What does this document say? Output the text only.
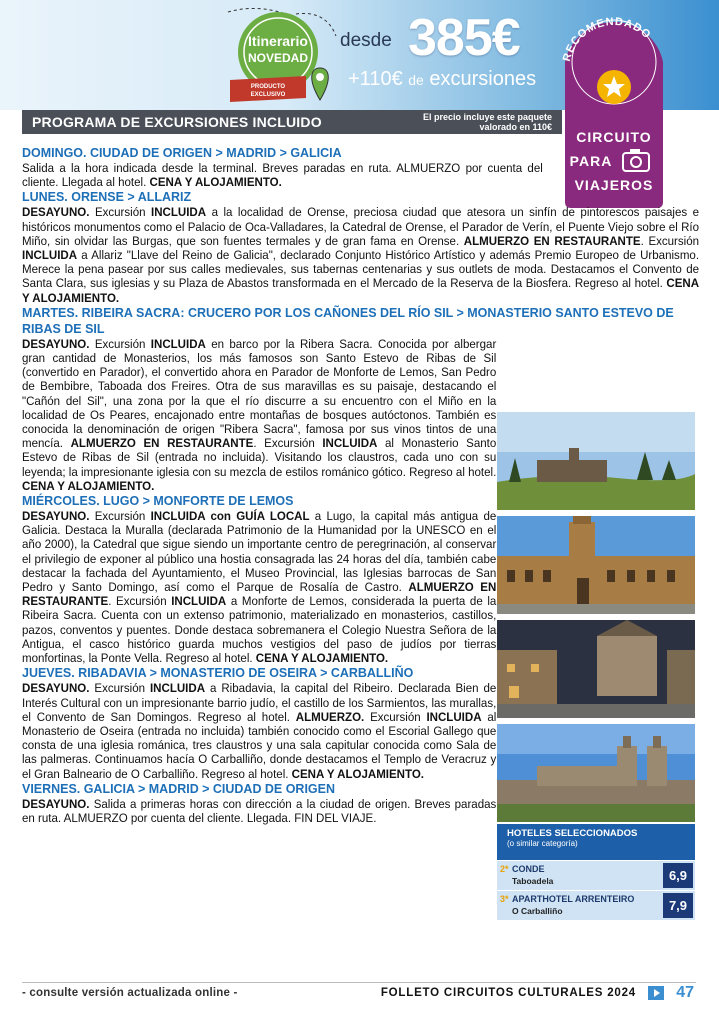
Itinerario
NOVEDAD
PRODUCTO
EXCLUSIVO
desde 385€
+110€ de excursiones
RECOMENDADO
CIRCUITO
PARA
VIAJEROS
PROGRAMA DE EXCURSIONES INCLUIDO	El precio incluye este paquete
valorado en 110€
DOMINGO. CIUDAD DE ORIGEN > MADRID > GALICIA
Salida a la hora indicada desde la terminal. Breves paradas en ruta. ALMUERZO por cuenta del cliente. Llegada al hotel. CENA Y ALOJAMIENTO.
LUNES. ORENSE > ALLARIZ
DESAYUNO. Excursión INCLUIDA a la localidad de Orense, preciosa ciudad que atesora un sinfín de pintorescos paisajes e históricos monumentos como el Palacio de Oca-Valladares, la Catedral de Orense, el Parador de Verín, el Puente Viejo sobre el Río Miño, sin olvidar las Burgas, que son fuentes termales y de gran fama en Orense. ALMUERZO EN RESTAURANTE. Excursión INCLUIDA a Allariz "Llave del Reino de Galicia", declarado Conjunto Histórico Artístico y además Premio Europeo de Urbanismo. Merece la pena pasear por sus calles medievales, sus tabernas centenarias y sus outlets de moda. Destacamos el Convento de Santa Clara, sus iglesias y su Plaza de Abastos transformada en el Mercado de la Reserva de la Biosfera. Regreso al hotel. CENA Y ALOJAMIENTO.
MARTES. RIBEIRA SACRA: CRUCERO POR LOS CAÑONES DEL RÍO SIL > MONASTERIO SANTO ESTEVO DE RIBAS DE SIL
DESAYUNO. Excursión INCLUIDA en barco por la Ribera Sacra. Conocida por albergar gran cantidad de Monasterios, los más famosos son Santo Estevo de Ribas de Sil (convertido en Parador), el convertido ahora en Parador de Monforte de Lemos, San Pedro de Bembibre, Taboada dos Freires. Otra de sus maravillas es su paisaje, destacando el "Cañón del Sil", una zona por la que el río discurre a su encuentro con el Miño en la localidad de Os Peares, encajonado entre montañas de bosques autóctonos. También es conocida la denominación de origen "Ribera Sacra", famosa por sus vinos tintos de una mencía. ALMUERZO EN RESTAURANTE. Excursión INCLUIDA al Monasterio Santo Estevo de Ribas de Sil (entrada no incluida). Visitando los claustros, cada uno con su leyenda; la impresionante iglesia con su mezcla de estilos románico gótico. Regreso al hotel. CENA Y ALOJAMIENTO.
MIÉRCOLES. LUGO > MONFORTE DE LEMOS
DESAYUNO. Excursión INCLUIDA con GUÍA LOCAL a Lugo, la capital más antigua de Galicia. Destaca la Muralla (declarada Patrimonio de la Humanidad por la UNESCO en el año 2000), la Catedral que sigue siendo un importante centro de peregrinación, al conservar el privilegio de exponer al público una hostia consagrada las 24 horas del día, también cabe destacar la fachada del Ayuntamiento, el Museo Provincial, las Iglesias barrocas de San Pedro y Santo Domingo, así como el Parque de Rosalía de Castro. ALMUERZO EN RESTAURANTE. Excursión INCLUIDA a Monforte de Lemos, considerada la puerta de la Ribeira Sacra. Cuenta con un extenso patrimonio, materializado en monasterios, castillos, pazos, conventos y puentes. Donde destaca sobremanera el Colegio Nuestra Señora de la Antigua, el casco histórico guarda muchos vestigios del paso de judíos por tierras monfortinas, la Ponte Vella. Regreso al hotel. CENA Y ALOJAMIENTO.
JUEVES. RIBADAVIA > MONASTERIO DE OSEIRA > CARBALLIÑO
DESAYUNO. Excursión INCLUIDA a Ribadavia, la capital del Ribeiro. Declarada Bien de Interés Cultural con un impresionante barrio judío, el castillo de los Sarmientos, las murallas, el Convento de San Domingos. Regreso al hotel. ALMUERZO. Excursión INCLUIDA al Monasterio de Oseira (entrada no incluida) también conocido como el Escorial Gallego que consta de una iglesia románica, tres claustros y una sala capitular conocida como Sala de las palmeras. Continuamos hacía O Carballiño, donde destacamos el Templo de Veracruz y el Gran Balneario de O Carballiño. Regreso al hotel. CENA Y ALOJAMIENTO.
VIERNES. GALICIA > MADRID > CIUDAD DE ORIGEN
DESAYUNO. Salida a primeras horas con dirección a la ciudad de origen. Breves paradas en ruta. ALMUERZO por cuenta del cliente. Llegada. FIN DEL VIAJE.
HOTELES SELECCIONADOS
(o similar categoría)
2* CONDE
Taboadela	6,9
3* APARTHOTEL ARRENTEIRO
O Carballiño	7,9
- consulte versión actualizada online -	FOLLETO CIRCUITOS CULTURALES 2024	47
